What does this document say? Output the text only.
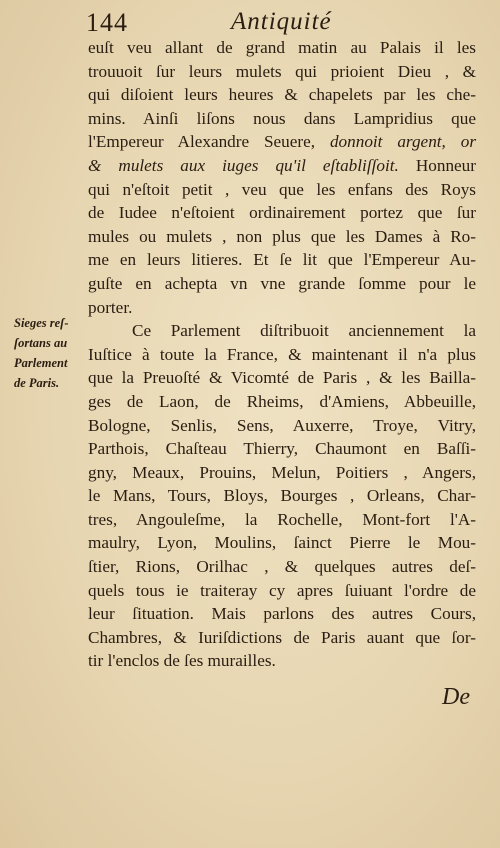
144	Antiquité
Sieges reſ-
ſortans au
Parlement
de Paris.
euſt veu allant de grand matin au Palais il les
trouuoit ſur leurs mulets qui prioient Dieu , &
qui diſoient leurs heures & chapelets par les che-
mins. Ainſi liſons nous dans Lampridius que
l'Empereur Alexandre Seuere, donnoit argent, or
& mulets aux iuges qu'il eſtabliſſoit. Honneur
qui n'eſtoit petit , veu que les enfans des Roys
de Iudee n'eſtoient ordinairement portez que ſur
mules ou mulets , non plus que les Dames à Ro-
me en leurs litieres. Et ſe lit que l'Empereur Au-
guſte en achepta vn vne grande ſomme pour le
porter.
Ce Parlement diſtribuoit anciennement la
Iuſtice à toute la France, & maintenant il n'a plus
que la Preuoſté & Vicomté de Paris , & les Bailla-
ges de Laon, de Rheims, d'Amiens, Abbeuille,
Bologne, Senlis, Sens, Auxerre, Troye, Vitry,
Parthois, Chaſteau Thierry, Chaumont en Baſſi-
gny, Meaux, Prouins, Melun, Poitiers , Angers,
le Mans, Tours, Bloys, Bourges , Orleans, Char-
tres, Angouleſme, la Rochelle, Mont-fort l'A-
maulry, Lyon, Moulins, ſainct Pierre le Mou-
ſtier, Rions, Orilhac , & quelques autres deſ-
quels tous ie traiteray cy apres ſuiuant l'ordre de
leur ſituation. Mais parlons des autres Cours,
Chambres, & Iuriſdictions de Paris auant que ſor-
tir l'enclos de ſes murailles.
De
